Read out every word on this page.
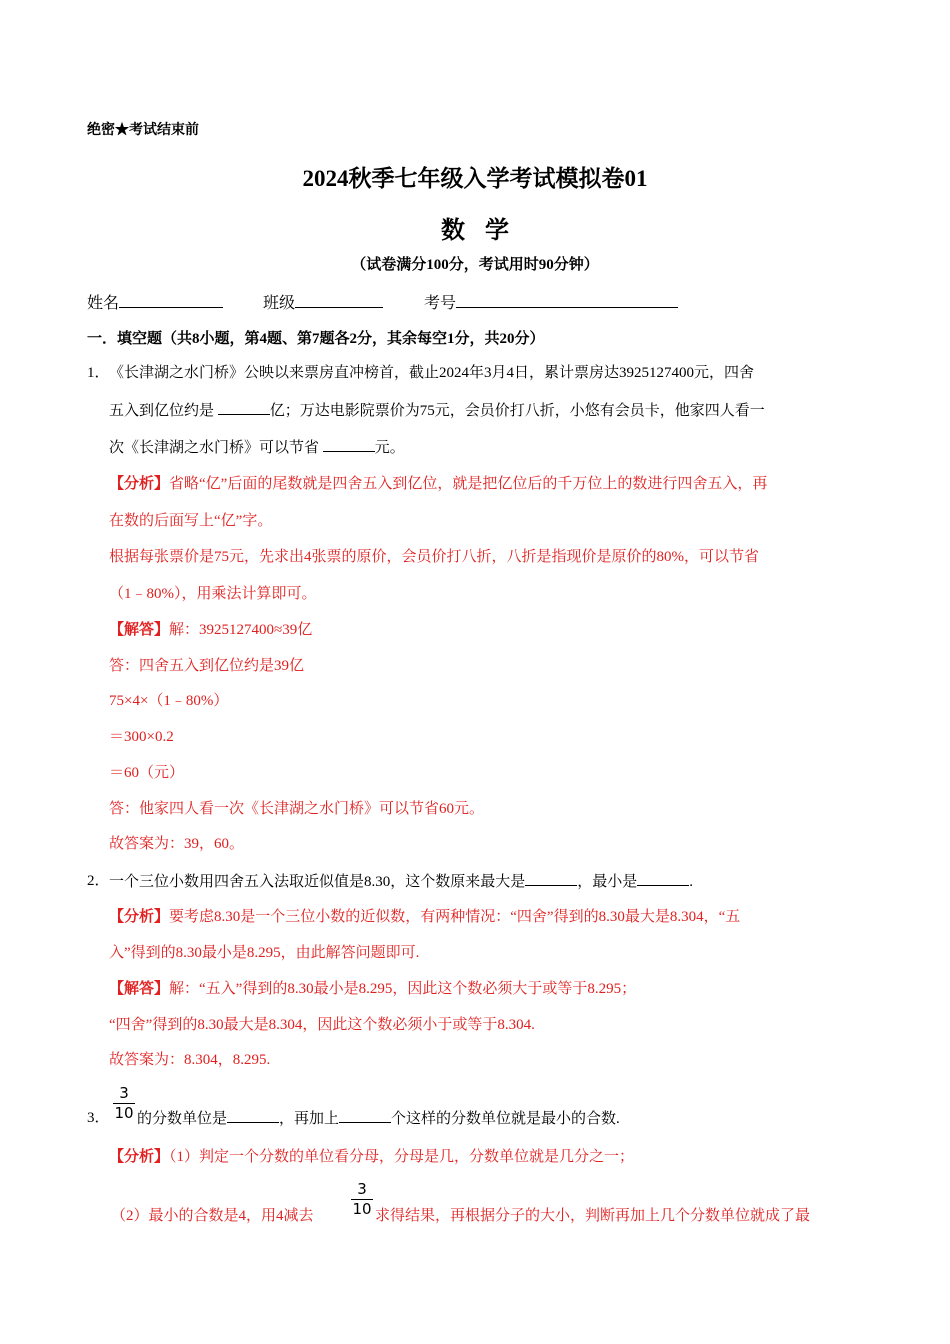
绝密★考试结束前
2024秋季七年级入学考试模拟卷01
数学
（试卷满分100分，考试用时90分钟）
姓名	班级	考号
一．填空题（共8小题，第4题、第7题各2分，其余每空1分，共20分）
1． 《长津湖之水门桥》公映以来票房直冲榜首，截止2024年3月4日，累计票房达3925127400元，四舍
五入到亿位约是	亿；万达电影院票价为75元，会员价打八折，小悠有会员卡，他家四人看一
次《长津湖之水门桥》可以节省	元。
【分析】省略“亿”后面的尾数就是四舍五入到亿位，就是把亿位后的千万位上的数进行四舍五入，再
在数的后面写上“亿”字。
根据每张票价是75元，先求出4张票的原价，会员价打八折，八折是指现价是原价的80%，可以节省
（1﹣80%），用乘法计算即可。
【解答】解：3925127400≈39亿
答：四舍五入到亿位约是39亿
75×4×（1﹣80%）
＝300×0.2
＝60（元）
答：他家四人看一次《长津湖之水门桥》可以节省60元。
故答案为：39，60。
2． 一个三位小数用四舍五入法取近似值是8.30，这个数原来最大是	，最小是	.
【分析】要考虑8.30是一个三位小数的近似数，有两种情况：“四舍”得到的8.30最大是8.304，“五
入”得到的8.30最小是8.295，由此解答问题即可.
【解答】解：“五入”得到的8.30最小是8.295，因此这个数必须大于或等于8.295；
“四舍”得到的8.30最大是8.304，因此这个数必须小于或等于8.304.
故答案为：8.304，8.295.
3．
3
10 的分数单位是	，再加上	个这样的分数单位就是最小的合数.
【分析】（1）判定一个分数的单位看分母，分母是几，分数单位就是几分之一；
（2）最小的合数是4，用4减去
3
10 求得结果，再根据分子的大小，判断再加上几个分数单位就成了最
